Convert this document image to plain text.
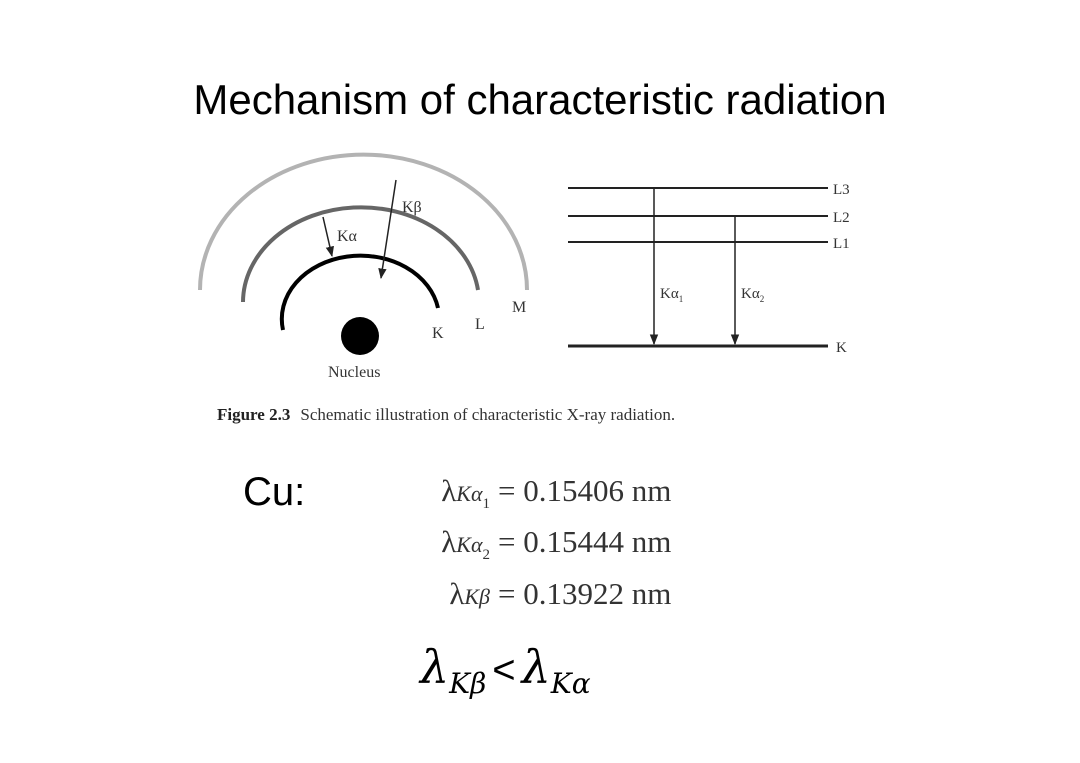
Mechanism of characteristic radiation
Kα
Kβ
K
L
M
Nucleus
L3
L2
L1
K
$K\alpha_1$	$K\alpha_2$
Figure 2.3 Schematic illustration of characteristic X-ray radiation.
Cu:	λKα$_1$ = 0.15406 nm
λKα$_2$ = 0.15444 nm
λKβ = 0.13922 nm
$\lambda_{K\beta} < \lambda_{K\alpha}$
